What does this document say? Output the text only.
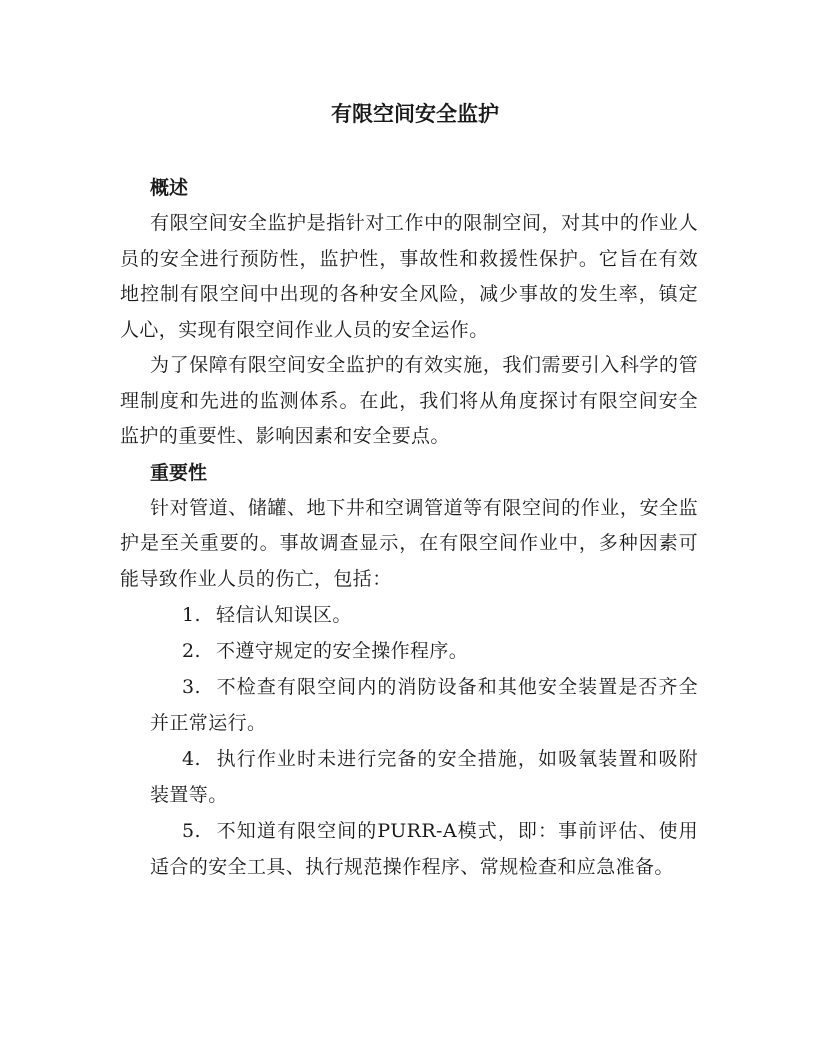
有限空间安全监护
概述

有限空间安全监护是指针对工作中的限制空间，对其中的作业人员的安全进行预防性，监护性，事故性和救援性保护。它旨在有效地控制有限空间中出现的各种安全风险，减少事故的发生率，镇定人心，实现有限空间作业人员的安全运作。

为了保障有限空间安全监护的有效实施，我们需要引入科学的管理制度和先进的监测体系。在此，我们将从角度探讨有限空间安全监护的重要性、影响因素和安全要点。

重要性

针对管道、储罐、地下井和空调管道等有限空间的作业，安全监护是至关重要的。事故调查显示，在有限空间作业中，多种因素可能导致作业人员的伤亡，包括：

1. 轻信认知误区。
2. 不遵守规定的安全操作程序。
3. 不检查有限空间内的消防设备和其他安全装置是否齐全并正常运行。
4. 执行作业时未进行完备的安全措施，如吸氧装置和吸附装置等。
5. 不知道有限空间的PURR-A模式，即：事前评估、使用适合的安全工具、执行规范操作程序、常规检查和应急准备。
